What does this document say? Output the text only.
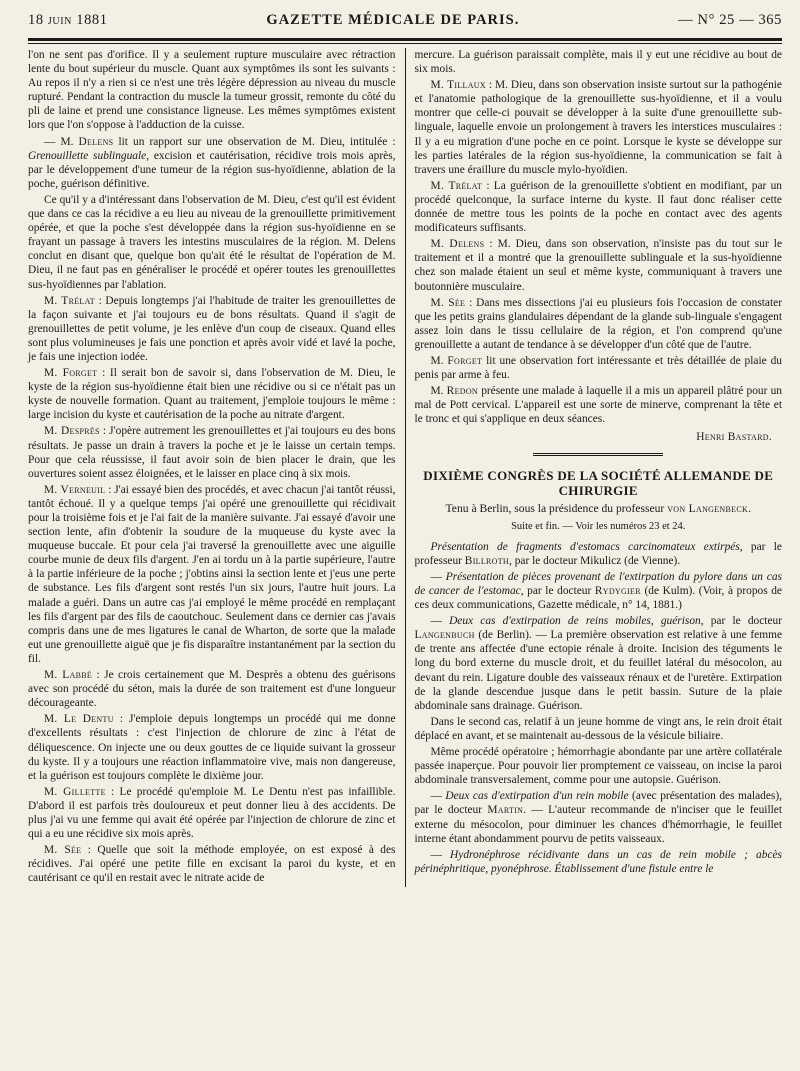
18 juin 1881	GAZETTE MÉDICALE DE PARIS.	— N° 25 — 365

l'on ne sent pas d'orifice. Il y a seulement rupture musculaire avec rétraction lente du bout supérieur du muscle. Quant aux symptômes ils sont les suivants : Au repos il n'y a rien si ce n'est une très légère dépression au niveau du muscle rupturé. Pendant la contraction du muscle la tumeur grossit, remonte du côté du pli de laine et prend une consistance ligneuse. Les mêmes symptômes existent lors que l'on s'oppose à l'adduction de la cuisse.

— M. Delens lit un rapport sur une observation de M. Dieu, intitulée : Grenouillette sublinguale, excision et cautérisation, récidive trois mois après, par le développement d'une tumeur de la région sus-hyoïdienne, ablation de la poche, guérison définitive.

Ce qu'il y a d'intéressant dans l'observation de M. Dieu, c'est qu'il est évident que dans ce cas la récidive a eu lieu au niveau de la grenouillette primitivement opérée, et que la poche s'est développée dans la région sus-hyoïdienne en se frayant un passage à travers les intestins musculaires de la région. M. Delens conclut en disant que, quelque bon qu'ait été le résultat de l'opération de M. Dieu, il ne faut pas en généraliser le procédé et opérer toutes les grenouillettes sus-hyoïdiennes par l'ablation.

M. Trélat : Depuis longtemps j'ai l'habitude de traiter les grenouillettes de la façon suivante et j'ai toujours eu de bons résultats. Quand il s'agit de grenouillettes de petit volume, je les enlève d'un coup de ciseaux. Quand elles sont plus volumineuses je fais une ponction et après avoir vidé et lavé la poche, je fais une injection iodée.

M. Forget : Il serait bon de savoir si, dans l'observation de M. Dieu, le kyste de la région sus-hyoïdienne était bien une récidive ou si ce n'était pas un kyste de nouvelle formation. Quant au traitement, j'emploie toujours le même : large incision du kyste et cautérisation de la poche au nitrate d'argent.

M. Després : J'opère autrement les grenouillettes et j'ai toujours eu des bons résultats. Je passe un drain à travers la poche et je le laisse un certain temps. Pour que cela réussisse, il faut avoir soin de bien placer le drain, que les ouvertures soient assez éloignées, et le laisser en place cinq à six mois.

M. Verneuil : J'ai essayé bien des procédés, et avec chacun j'ai tantôt réussi, tantôt échoué. Il y a quelque temps j'ai opéré une grenouillette qui récidivait pour la troisième fois et je l'ai fait de la manière suivante. J'ai essayé d'avoir une section lente, afin d'obtenir la soudure de la muqueuse du kyste avec la muqueuse buccale. Et pour cela j'ai traversé la grenouillette avec une aiguille courbe munie de deux fils d'argent. J'en ai tordu un à la partie supérieure, l'autre à la partie inférieure de la poche ; j'obtins ainsi la section lente et j'eus une perte de substance. Les fils d'argent sont restés l'un six jours, l'autre huit jours. La malade a guéri. Dans un autre cas j'ai employé le même procédé en remplaçant les fils d'argent par des fils de caoutchouc. Seulement dans ce dernier cas j'avais compris dans une de mes ligatures le canal de Wharton, de sorte que la malade eut une grenouillette aiguë que je fis disparaître instantanément par la section du fil.

M. Labbé : Je crois certainement que M. Desprès a obtenu des guérisons avec son procédé du séton, mais la durée de son traitement est d'une longueur décourageante.

M. Le Dentu : J'emploie depuis longtemps un procédé qui me donne d'excellents résultats : c'est l'injection de chlorure de zinc à l'état de déliquescence. On injecte une ou deux gouttes de ce liquide suivant la grosseur du kyste. Il y a toujours une réaction inflammatoire vive, mais non dangereuse, et la guérison est toujours complète le dixième jour.

M. Gillette : Le procédé qu'emploie M. Le Dentu n'est pas infaillible. D'abord il est parfois très douloureux et peut donner lieu à des accidents. De plus j'ai vu une femme qui avait été opérée par l'injection de chlorure de zinc et qui a eu une récidive six mois après.

M. Sée : Quelle que soit la méthode employée, on est exposé à des récidives. J'ai opéré une petite fille en excisant la paroi du kyste, et en cautérisant ce qu'il en restait avec le nitrate acide de

mercure. La guérison paraissait complète, mais il y eut une récidive au bout de six mois.

M. Tillaux : M. Dieu, dans son observation insiste surtout sur la pathogénie et l'anatomie pathologique de la grenouillette sus-hyoïdienne, et il a voulu montrer que celle-ci pouvait se développer à la suite d'une grenouillette sub-linguale, laquelle envoie un prolongement à travers les interstices musculaires : Il y a eu migration d'une poche en ce point. Lorsque le kyste se développe sur les parties latérales de la région sus-hyoïdienne, la communication se fait à travers une éraillure du muscle mylo-hyoïdien.

M. Trélat : La guérison de la grenouillette s'obtient en modifiant, par un procédé quelconque, la surface interne du kyste. Il faut donc réaliser cette donnée de mettre tous les points de la poche en contact avec des agents modificateurs suffisants.

M. Delens : M. Dieu, dans son observation, n'insiste pas du tout sur le traitement et il a montré que la grenouillette sublinguale et la sus-hyoïdienne chez son malade étaient un seul et même kyste, communiquant à travers une boutonnière musculaire.

M. Sée : Dans mes dissections j'ai eu plusieurs fois l'occasion de constater que les petits grains glandulaires dépendant de la glande sub-linguale s'engagent assez loin dans le tissu cellulaire de la région, et l'on comprend qu'une grenouillette a autant de tendance à se développer d'un côté que de l'autre.

M. Forget lit une observation fort intéressante et très détaillée de plaie du penis par arme à feu.

M. Redon présente une malade à laquelle il a mis un appareil plâtré pour un mal de Pott cervical. L'appareil est une sorte de minerve, comprenant la tête et le tronc et qui s'applique en deux séances.

Henri Bastard.
DIXIÈME CONGRÈS DE LA SOCIÉTÉ ALLEMANDE DE CHIRURGIE
Tenu à Berlin, sous la présidence du professeur von Langenbeck.
Suite et fin. — Voir les numéros 23 et 24.

Présentation de fragments d'estomacs carcinomateux extirpés, par le professeur Billroth, par le docteur Mikulicz (de Vienne).

— Présentation de pièces provenant de l'extirpation du pylore dans un cas de cancer de l'estomac, par le docteur Rydygier (de Kulm). (Voir, à propos de ces deux communications, Gazette médicale, n° 14, 1881.)

— Deux cas d'extirpation de reins mobiles, guérison, par le docteur Langenbuch (de Berlin). — La première observation est relative à une femme de trente ans affectée d'une ectopie rénale à droite. Incision des téguments le long du bord externe du muscle droit, et du feuillet latéral du mésocolon, au devant du rein. Ligature double des vaisseaux rénaux et de l'uretère. Extirpation de la glande descendue jusque dans le petit bassin. Suture de la plaie abdominale sans drainage. Guérison.

Dans le second cas, relatif à un jeune homme de vingt ans, le rein droit était déplacé en avant, et se maintenait au-dessous de la vésicule biliaire.

Même procédé opératoire ; hémorrhagie abondante par une artère collatérale passée inaperçue. Pour pouvoir lier promptement ce vaisseau, on incise la paroi abdominale transversalement, comme pour une autopsie. Guérison.

— Deux cas d'extirpation d'un rein mobile (avec présentation des malades), par le docteur Martin. — L'auteur recommande de n'inciser que le feuillet externe du mésocolon, pour diminuer les chances d'hémorrhagie, le feuillet interne étant abondamment pourvu de petits vaisseaux.

— Hydronéphrose récidivante dans un cas de rein mobile ; abcès périnéphritique, pyonéphrose. Établissement d'une fistule entre le
